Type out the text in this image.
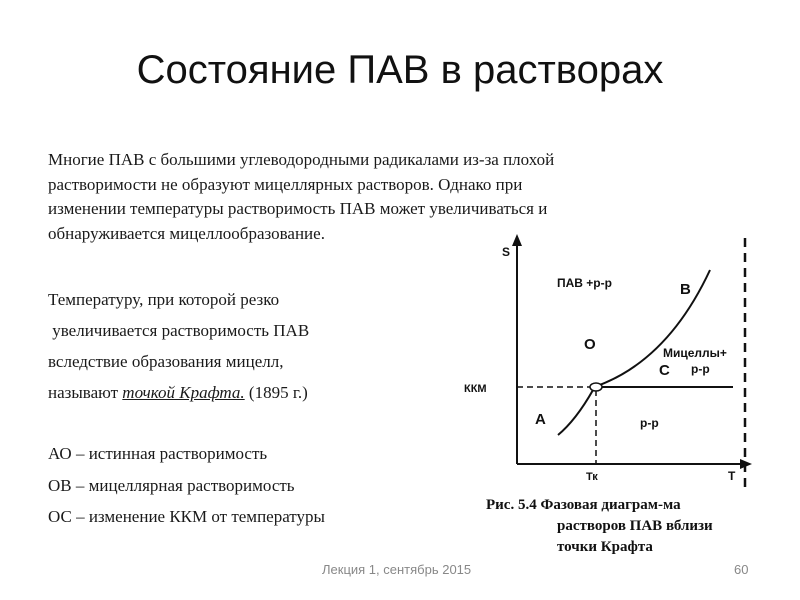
Состояние ПАВ в растворах
Многие ПАВ с большими углеводородными радикалами из-за плохой
растворимости не образуют мицеллярных растворов. Однако при
изменении температуры растворимость ПАВ может увеличиваться и
обнаруживается мицеллообразование.
Температуру, при которой резко
увеличивается растворимость ПАВ
вследствие образования мицелл,
называют точкой Крафта. (1895 г.)
АО – истинная растворимость
ОВ – мицеллярная растворимость
ОС – изменение ККМ от температуры
S
T
ККМ
Тк
ПАВ +р-р	В
О	Мицеллы+
р-р
С
А	р-р
Рис. 5.4 Фазовая диаграм-ма
растворов ПАВ вблизи
точки Крафта
Лекция 1, сентябрь 2015	60
